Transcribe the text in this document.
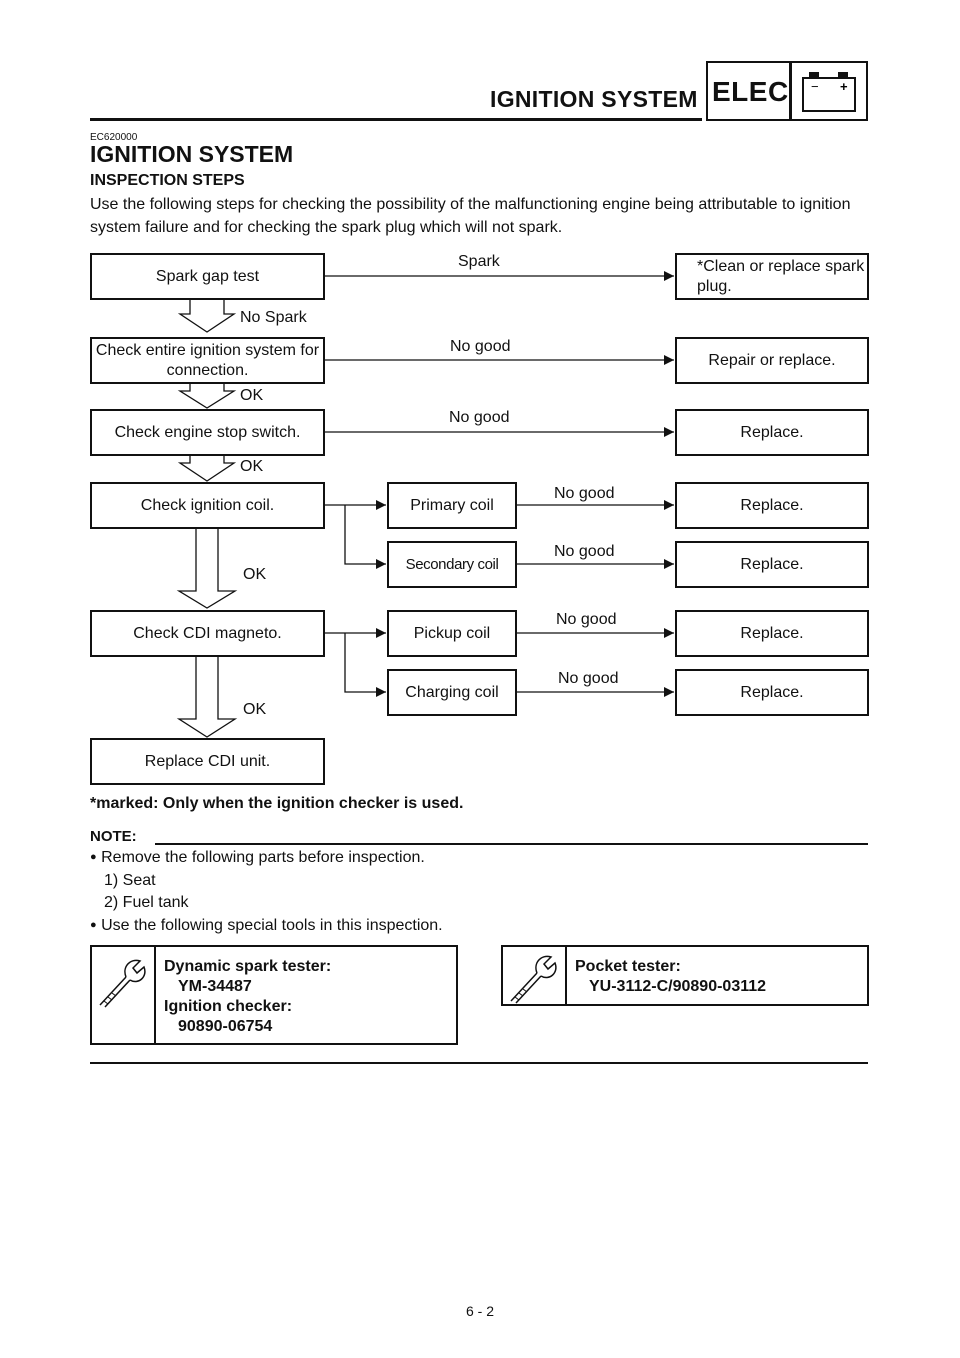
IGNITION SYSTEM ELEC − +
EC620000
IGNITION SYSTEM
INSPECTION STEPS
Use the following steps for checking the possibility of the malfunctioning engine being attributable to ignition system failure and for checking the spark plug which will not spark.
Spark gap test
Check entire ignition system for connection.
Check engine stop switch.
Check ignition coil.
Check CDI magneto.
Replace CDI unit.
Primary coil
Secondary coil
Pickup coil
Charging coil
*Clean or replace spark plug.
Repair or replace.
Replace.
Replace.
Replace.
Replace.
Replace.
Spark
No good
No good
No good
No good
No good
No good
No Spark
OK
OK
OK
OK
*marked: Only when the ignition checker is used.
NOTE:
● Remove the following parts before inspection.
1) Seat
2) Fuel tank
● Use the following special tools in this inspection.
Dynamic spark tester:
YM-34487
Ignition checker:
90890-06754
Pocket tester:
YU-3112-C/90890-03112
6 - 2
